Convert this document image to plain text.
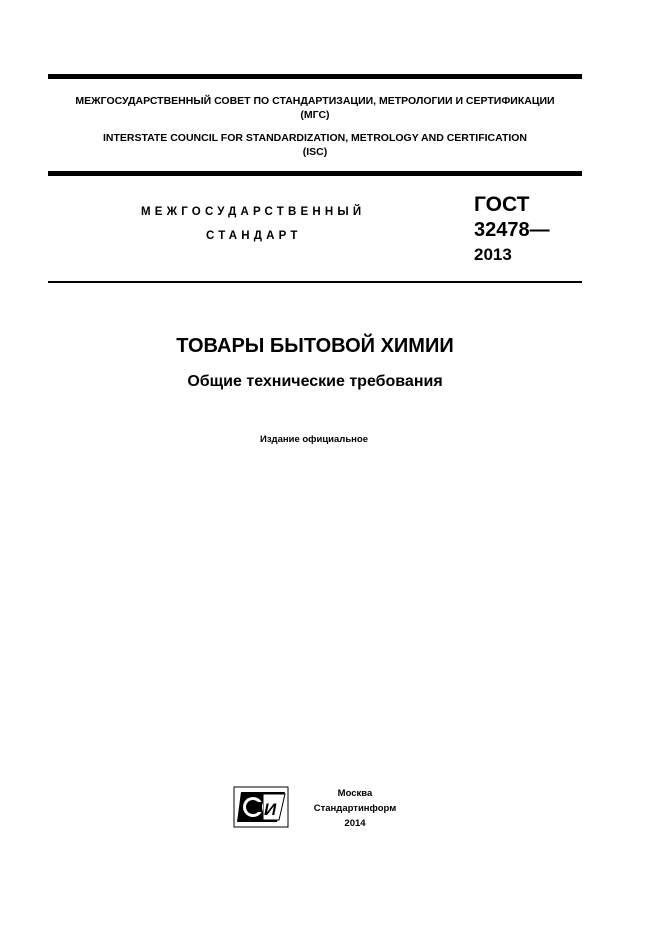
МЕЖГОСУДАРСТВЕННЫЙ СОВЕТ ПО СТАНДАРТИЗАЦИИ, МЕТРОЛОГИИ И СЕРТИФИКАЦИИ
(МГС)
INTERSTATE COUNCIL FOR STANDARDIZATION, METROLOGY AND CERTIFICATION
(ISC)
МЕЖГОСУДАРСТВЕННЫЙ
СТАНДАРТ
ГОСТ
32478—
2013
ТОВАРЫ БЫТОВОЙ ХИМИИ
Общие технические требования
Издание официальное
И
Москва
Стандартинформ
2014
